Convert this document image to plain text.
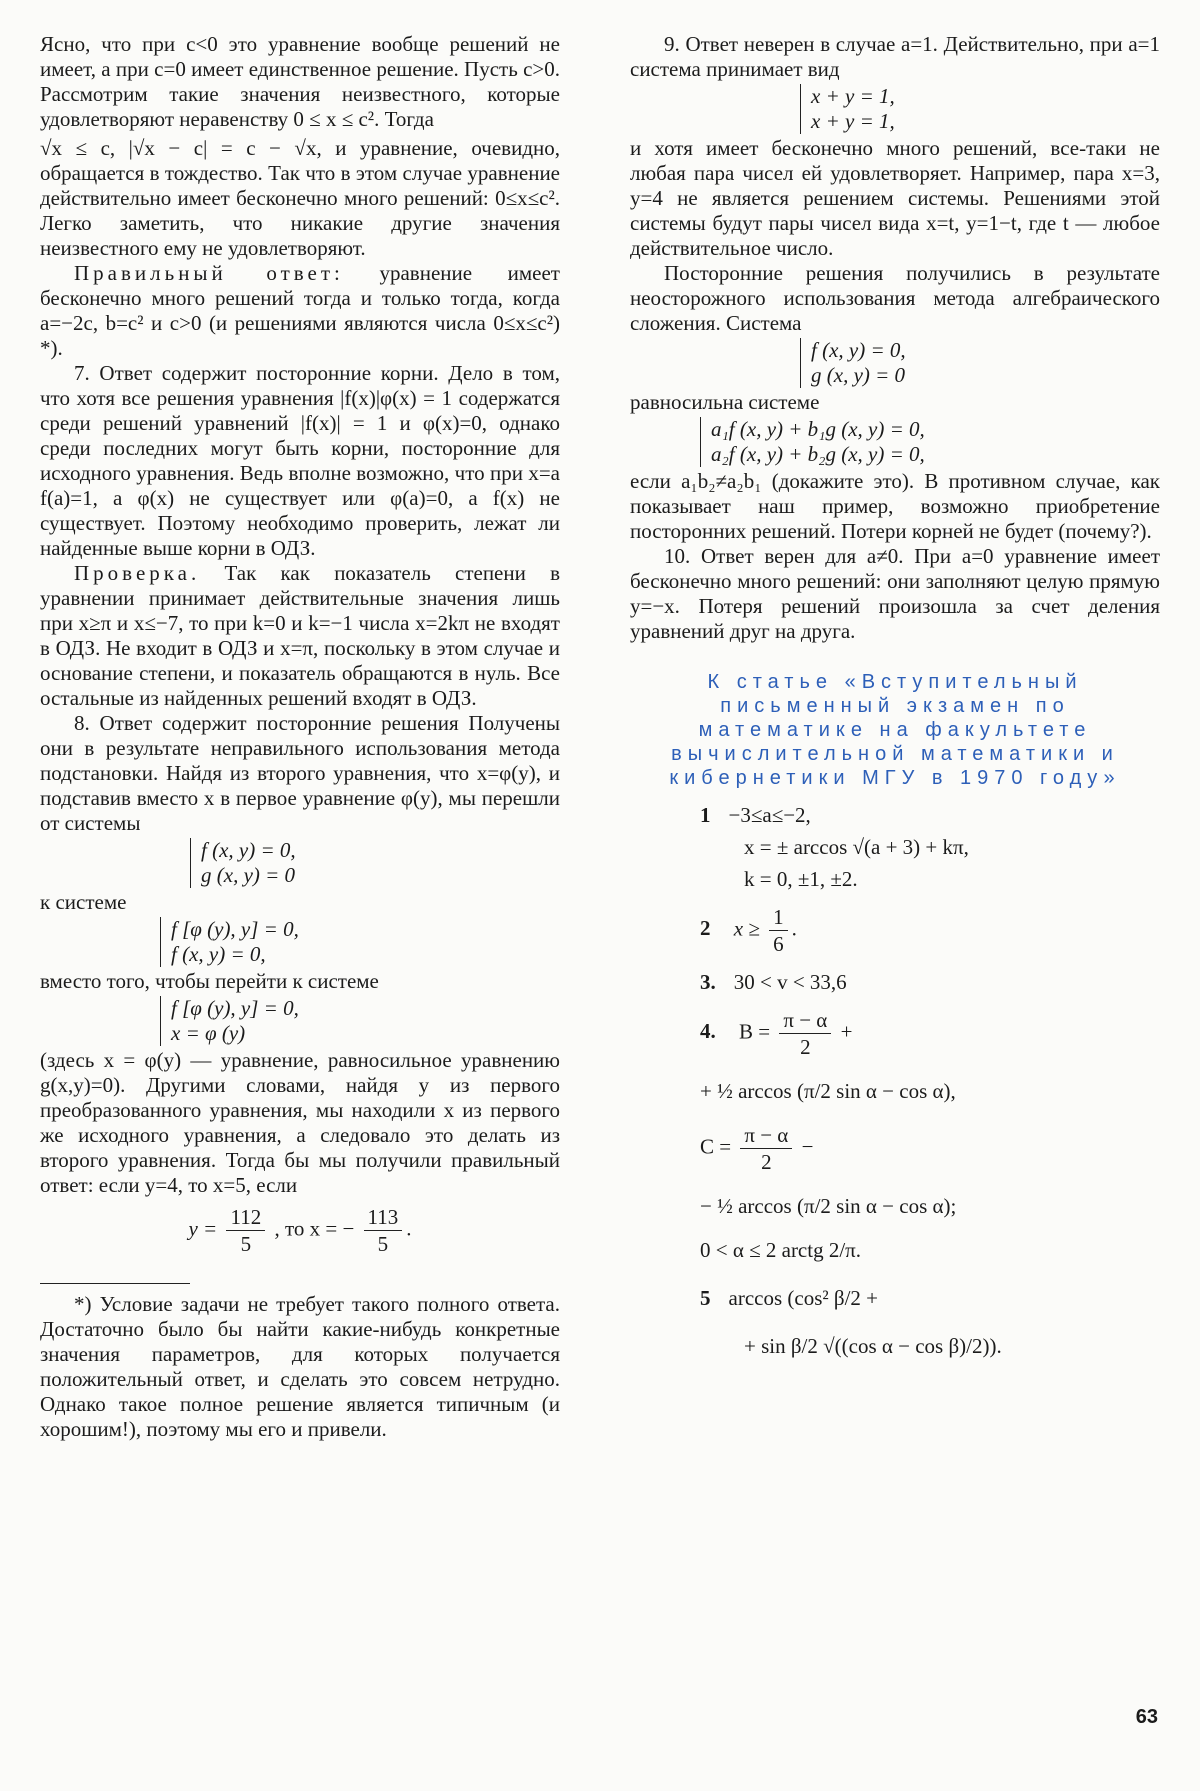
Ясно, что при c<0 это уравнение вообще решений не имеет, а при c=0 имеет единственное решение. Пусть c>0. Рассмотрим такие значения неизвестного, которые удовлетворяют неравенству 0 ≤ x ≤ c². Тогда

√x ≤ c, |√x − c| = c − √x, и уравнение, очевидно, обращается в тождество. Так что в этом случае уравнение действительно имеет бесконечно много решений: 0≤x≤c². Легко заметить, что никакие другие значения неизвестного ему не удовлетворяют.

Правильный ответ: уравнение имеет бесконечно много решений тогда и только тогда, когда a=−2c, b=c² и c>0 (и решениями являются числа 0≤x≤c²) *).

7. Ответ содержит посторонние корни. Дело в том, что хотя все решения уравнения |f(x)|φ(x) = 1 содержатся среди решений уравнений |f(x)| = 1 и φ(x)=0, однако среди последних могут быть корни, посторонние для исходного уравнения. Ведь вполне возможно, что при x=a f(a)=1, а φ(x) не существует или φ(a)=0, а f(x) не существует. Поэтому необходимо проверить, лежат ли найденные выше корни в ОДЗ.

Проверка. Так как показатель степени в уравнении принимает действительные значения лишь при x≥π и x≤−7, то при k=0 и k=−1 числа x=2kπ не входят в ОДЗ. Не входит в ОДЗ и x=π, поскольку в этом случае и основание степени, и показатель обращаются в нуль. Все остальные из найденных решений входят в ОДЗ.

8. Ответ содержит посторонние решения Получены они в результате неправильного использования метода подстановки. Найдя из второго уравнения, что x=φ(y), и подставив вместо x в первое уравнение φ(y), мы перешли от системы

f (x, y) = 0,
g (x, y) = 0

к системе

f [φ (y), y] = 0,
f (x, y) = 0,

вместо того, чтобы перейти к системе

f [φ (y), y] = 0,
x = φ (y)

(здесь x = φ(y) — уравнение, равносильное уравнению g(x,y)=0). Другими словами, найдя y из первого преобразованного уравнения, мы находили x из первого же исходного уравнения, а следовало это делать из второго уравнения. Тогда бы мы получили правильный ответ: если y=4, то x=5, если

$y = \frac{112}{5}$ , то x = − $\frac{113}{5}$ .

*) Условие задачи не требует такого полного ответа. Достаточно было бы найти какие-нибудь конкретные значения параметров, для которых получается положительный ответ, и сделать это совсем нетрудно. Однако такое полное решение является типичным (и хорошим!), поэтому мы его и привели.

9. Ответ неверен в случае a=1. Действительно, при a=1 система принимает вид

x + y = 1,
x + y = 1,

и хотя имеет бесконечно много решений, все-таки не любая пара чисел ей удовлетворяет. Например, пара x=3, y=4 не является решением системы. Решениями этой системы будут пары чисел вида x=t, y=1−t, где t — любое действительное число.

Посторонние решения получились в результате неосторожного использования метода алгебраического сложения. Система

f (x, y) = 0,
g (x, y) = 0

равносильна системе

a₁f (x, y) + b₁g (x, y) = 0,
a₂f (x, y) + b₂g (x, y) = 0,

если a₁b₂≠a₂b₁ (докажите это). В противном случае, как показывает наш пример, возможно приобретение посторонних решений. Потери корней не будет (почему?).

10. Ответ верен для a≠0. При a=0 уравнение имеет бесконечно много решений: они заполняют целую прямую y=−x. Потеря решений произошла за счет деления уравнений друг на друга.

К статье «Вступительный письменный экзамен по математике на факультете вычислительной математики и кибернетики МГУ в 1970 году»
1 −3≤a≤−2,
x = ± arccos √(a + 3) + kπ,
k = 0, ±1, ±2.
2 $x \ge \frac{1}{6}$ .
3. 30 < v < 33,6
4. $B = \frac{\pi - \alpha}{2}$ +
+ ½ arccos (π/2 sin α − cos α),
$C = \frac{\pi - \alpha}{2}$ −
− ½ arccos (π/2 sin α − cos α);
0 < α ≤ 2 arctg 2/π.
5 arccos (cos² β/2 +
+ sin β/2 √((cos α − cos β)/2)).
63
